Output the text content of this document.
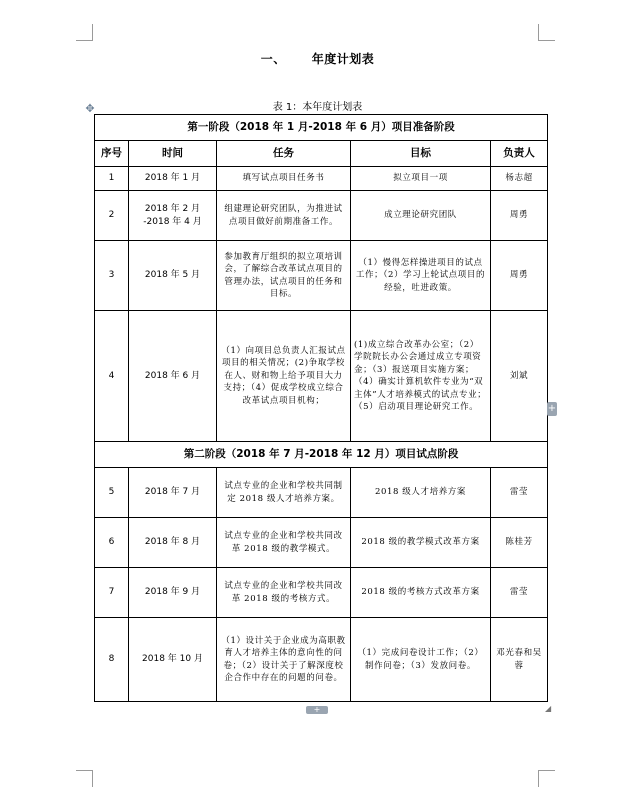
一、 年度计划表
表 1：本年度计划表
✥
第一阶段（2018 年 1 月-2018 年 6 月）项目准备阶段				
序号	时间	任务	目标	负责人
1	2018 年 1 月	填写试点项目任务书	拟立项目一项	杨志超
2	2018 年 2 月 -2018 年 4 月	组建理论研究团队，为推进试点项目做好前期准备工作。	成立理论研究团队	周勇
3	2018 年 5 月	参加教育厅组织的拟立项培训会，了解综合改革试点项目的管理办法，试点项目的任务和目标。	（1）慢得怎样操进项目的试点工作；（2）学习上轮试点项目的经验，吐进政策。	周勇
4	2018 年 6 月	（1）向项目总负责人汇报试点项目的相关情况；(2)争取学校在人、财和物上给予项目大力支持；（4）促成学校成立综合改革试点项目机构；	(1)成立综合改革办公室；（2）学院院长办公会通过成立专项资金；（3）报送项目实施方案；（4）确实计算机软件专业为“双主体”人才培养模式的试点专业；（5）启动项目理论研究工作。	刘斌
第二阶段（2018 年 7 月-2018 年 12 月）项目试点阶段				
5	2018 年 7 月	试点专业的企业和学校共同制定 2018 级人才培养方案。	2018 级人才培养方案	雷莹
6	2018 年 8 月	试点专业的企业和学校共同改革 2018 级的教学模式。	2018 级的教学模式改革方案	陈桂芳
7	2018 年 9 月	试点专业的企业和学校共同改革 2018 级的考核方式。	2018 级的考核方式改革方案	雷莹
8	2018 年 10 月	（1）设计关于企业成为高职教育人才培养主体的意向性的问卷；（2）设计关于了解深度校企合作中存在的问题的问卷。	（1）完成问卷设计工作；（2）制作问卷；（3）发放问卷。	邓光春和吴蓉
+
+	◢
